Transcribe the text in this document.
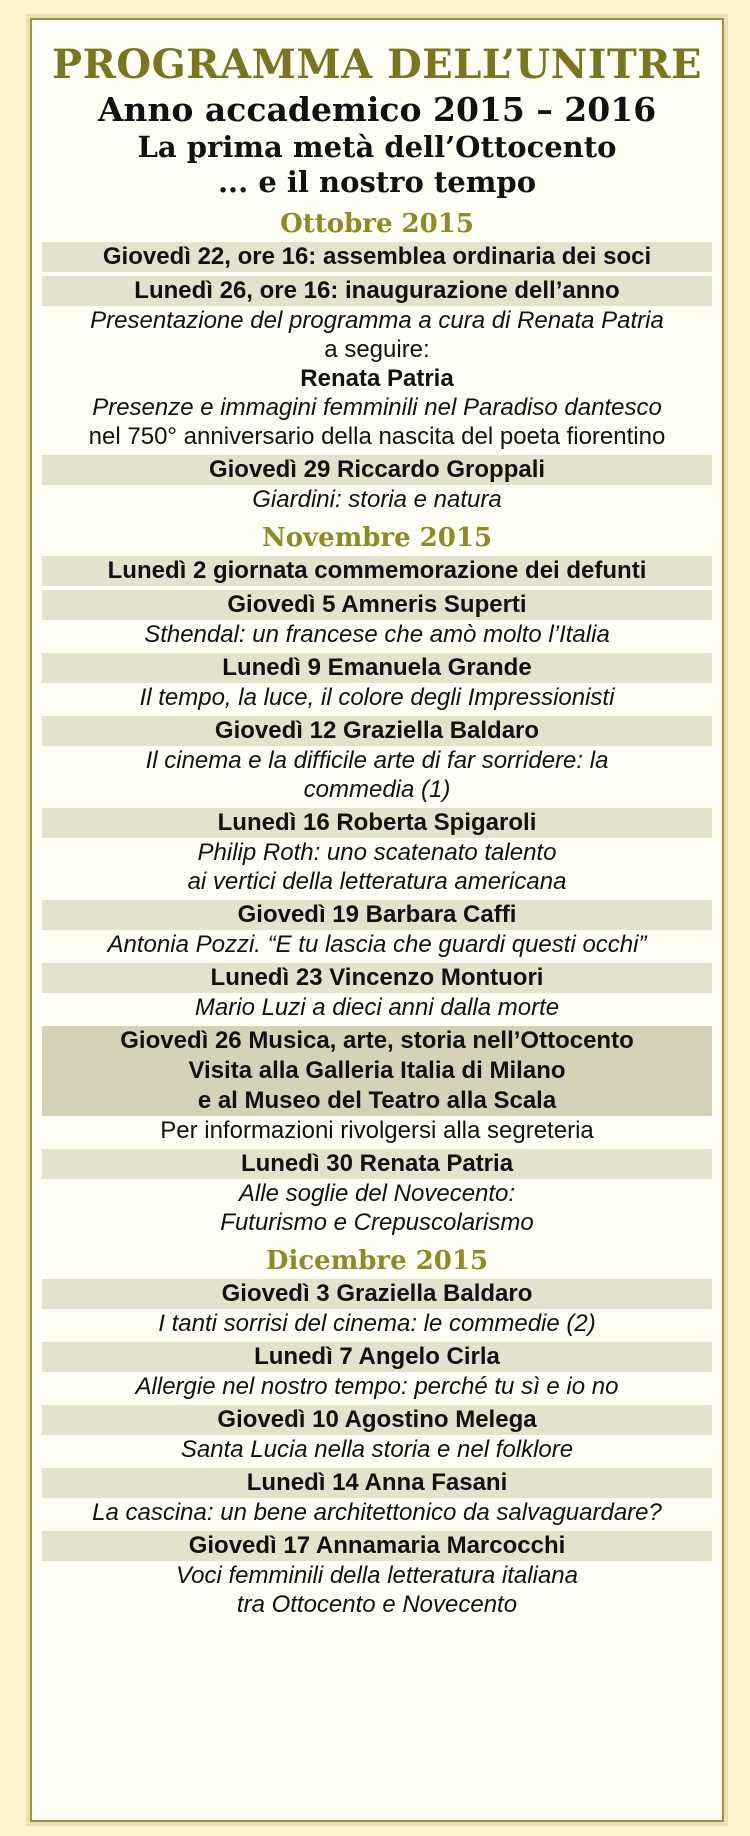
PROGRAMMA DELL’UNITRE
Anno accademico 2015 – 2016
La prima metà dell’Ottocento
... e il nostro tempo
Ottobre 2015
Giovedì 22, ore 16: assemblea ordinaria dei soci
Lunedì 26, ore 16: inaugurazione dell’anno
Presentazione del programma a cura di Renata Patria
a seguire:
Renata Patria
Presenze e immagini femminili nel Paradiso dantesco
nel 750° anniversario della nascita del poeta fiorentino
Giovedì 29 Riccardo Groppali
Giardini: storia e natura
Novembre 2015
Lunedì 2 giornata commemorazione dei defunti
Giovedì 5 Amneris Superti
Sthendal: un francese che amò molto l’Italia
Lunedì 9 Emanuela Grande
Il tempo, la luce, il colore degli Impressionisti
Giovedì 12 Graziella Baldaro
Il cinema e la difficile arte di far sorridere: la
commedia (1)
Lunedì 16 Roberta Spigaroli
Philip Roth: uno scatenato talento
ai vertici della letteratura americana
Giovedì 19 Barbara Caffi
Antonia Pozzi. “E tu lascia che guardi questi occhi”
Lunedì 23 Vincenzo Montuori
Mario Luzi a dieci anni dalla morte
Giovedì 26 Musica, arte, storia nell’Ottocento
Visita alla Galleria Italia di Milano
e al Museo del Teatro alla Scala
Per informazioni rivolgersi alla segreteria
Lunedì 30 Renata Patria
Alle soglie del Novecento:
Futurismo e Crepuscolarismo
Dicembre 2015
Giovedì 3 Graziella Baldaro
I tanti sorrisi del cinema: le commedie (2)
Lunedì 7 Angelo Cirla
Allergie nel nostro tempo: perché tu sì e io no
Giovedì 10 Agostino Melega
Santa Lucia nella storia e nel folklore
Lunedì 14 Anna Fasani
La cascina: un bene architettonico da salvaguardare?
Giovedì 17 Annamaria Marcocchi
Voci femminili della letteratura italiana
tra Ottocento e Novecento
